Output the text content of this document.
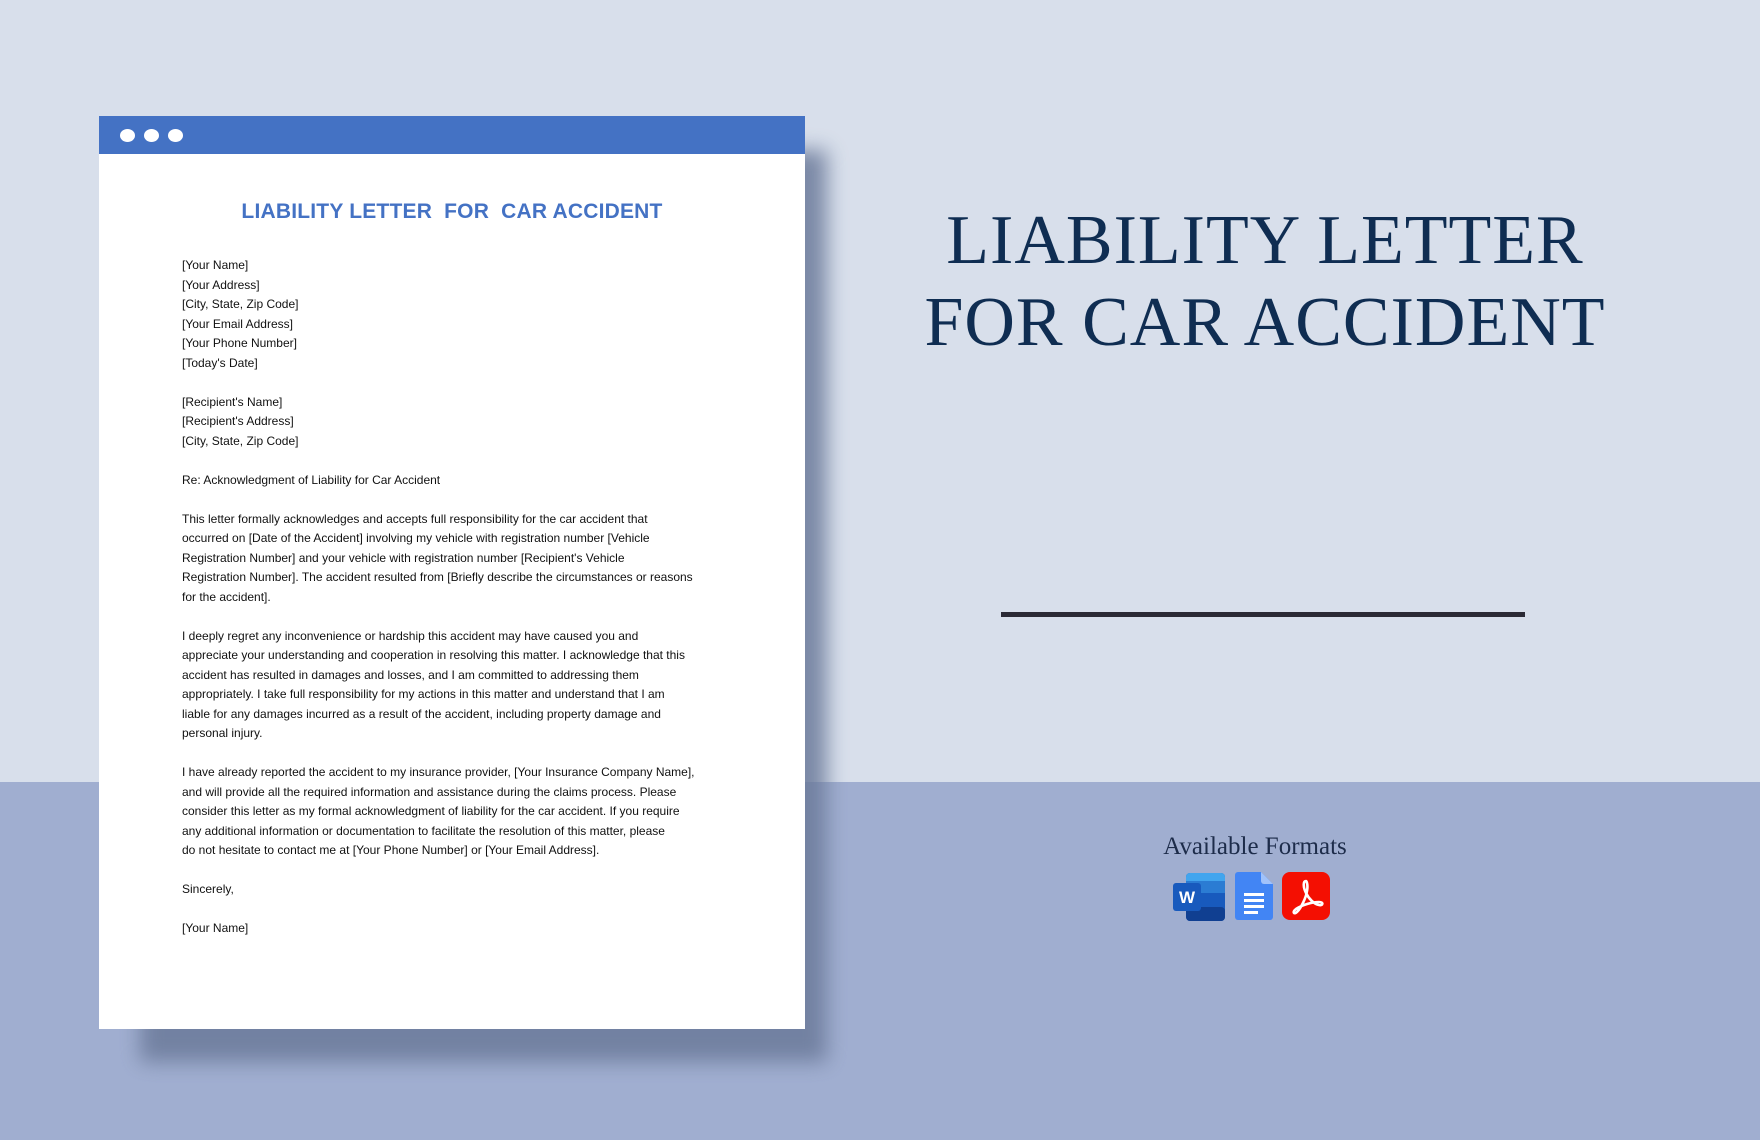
LIABILITY LETTER  FOR  CAR ACCIDENT
[Your Name]
[Your Address]
[City, State, Zip Code]
[Your Email Address]
[Your Phone Number]
[Today's Date]
[Recipient's Name]
[Recipient's Address]
[City, State, Zip Code]
Re: Acknowledgment of Liability for Car Accident
This letter formally acknowledges and accepts full responsibility for the car accident that
occurred on [Date of the Accident] involving my vehicle with registration number [Vehicle
Registration Number] and your vehicle with registration number [Recipient's Vehicle
Registration Number]. The accident resulted from [Briefly describe the circumstances or reasons
for the accident].
I deeply regret any inconvenience or hardship this accident may have caused you and
appreciate your understanding and cooperation in resolving this matter. I acknowledge that this
accident has resulted in damages and losses, and I am committed to addressing them
appropriately. I take full responsibility for my actions in this matter and understand that I am
liable for any damages incurred as a result of the accident, including property damage and
personal injury.
I have already reported the accident to my insurance provider, [Your Insurance Company Name],
and will provide all the required information and assistance during the claims process. Please
consider this letter as my formal acknowledgment of liability for the car accident. If you require
any additional information or documentation to facilitate the resolution of this matter, please
do not hesitate to contact me at [Your Phone Number] or [Your Email Address].
Sincerely,
[Your Name]
LIABILITY LETTER
FOR CAR ACCIDENT
Available Formats
W
